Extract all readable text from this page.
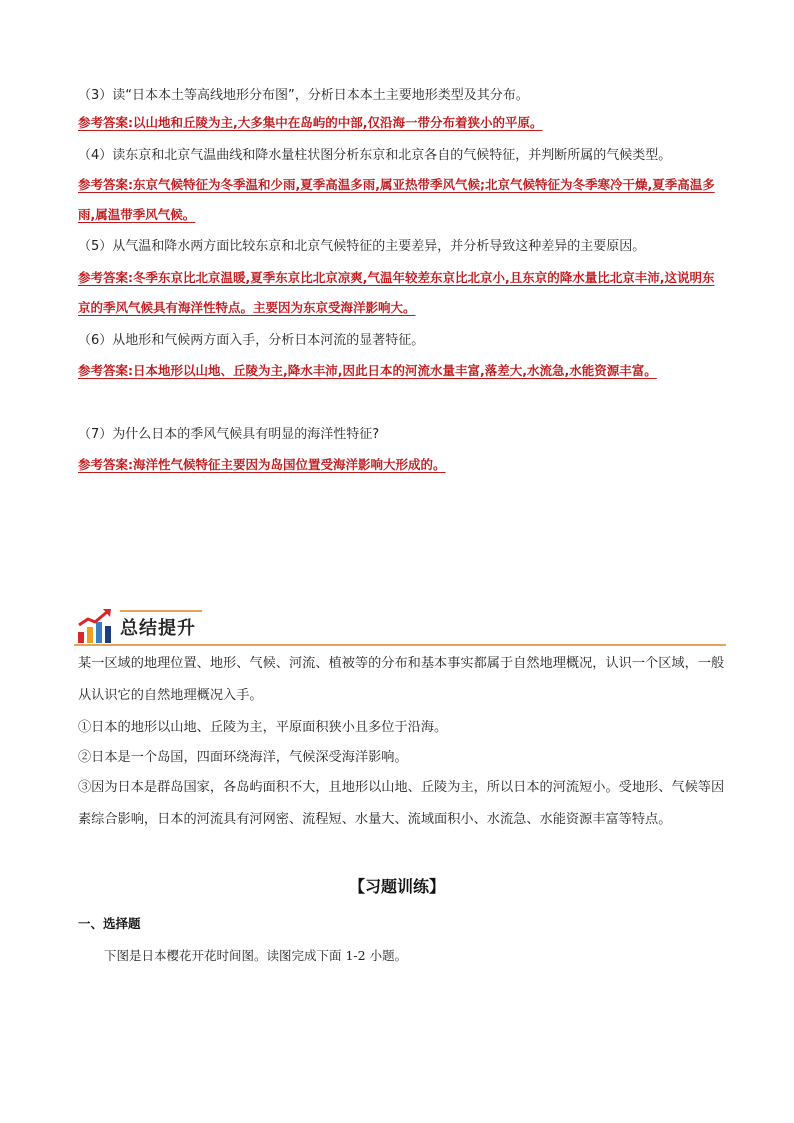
（3）读“日本本土等高线地形分布图”，分析日本本土主要地形类型及其分布。
参考答案:以山地和丘陵为主,大多集中在岛屿的中部,仅沿海一带分布着狭小的平原。
（4）读东京和北京气温曲线和降水量柱状图分析东京和北京各自的气候特征，并判断所属的气候类型。
参考答案:东京气候特征为冬季温和少雨,夏季高温多雨,属亚热带季风气候;北京气候特征为冬季寒冷干燥,夏季高温多雨,属温带季风气候。
（5）从气温和降水两方面比较东京和北京气候特征的主要差异，并分析导致这种差异的主要原因。
参考答案:冬季东京比北京温暖,夏季东京比北京凉爽,气温年较差东京比北京小,且东京的降水量比北京丰沛,这说明东京的季风气候具有海洋性特点。主要因为东京受海洋影响大。
（6）从地形和气候两方面入手，分析日本河流的显著特征。
参考答案:日本地形以山地、丘陵为主,降水丰沛,因此日本的河流水量丰富,落差大,水流急,水能资源丰富。
（7）为什么日本的季风气候具有明显的海洋性特征?
参考答案:海洋性气候特征主要因为岛国位置受海洋影响大形成的。
总结提升
某一区域的地理位置、地形、气候、河流、植被等的分布和基本事实都属于自然地理概况，认识一个区域，一般从认识它的自然地理概况入手。
①日本的地形以山地、丘陵为主，平原面积狭小且多位于沿海。
②日本是一个岛国，四面环绕海洋，气候深受海洋影响。
③因为日本是群岛国家，各岛屿面积不大，且地形以山地、丘陵为主，所以日本的河流短小。受地形、气候等因素综合影响，日本的河流具有河网密、流程短、水量大、流域面积小、水流急、水能资源丰富等特点。
【习题训练】
一、选择题
下图是日本樱花开花时间图。读图完成下面 1-2 小题。
